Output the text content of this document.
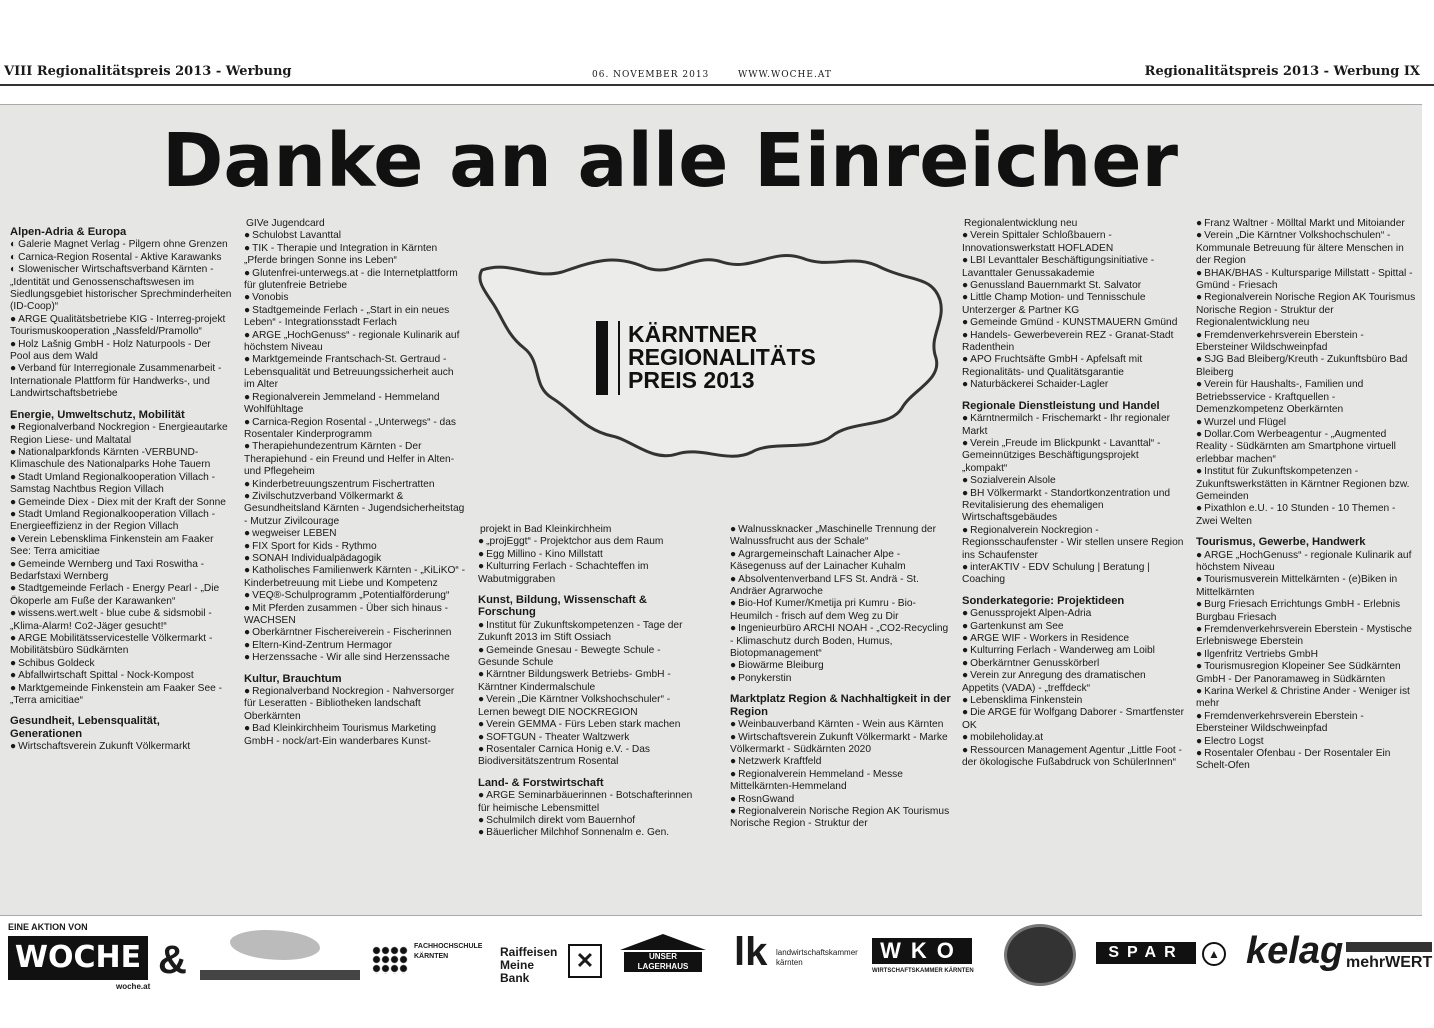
VIII Regionalitätspreis 2013 - Werbung	06. NOVEMBER 2013	WWW.WOCHE.AT	Regionalitätspreis 2013 - Werbung IX
Danke an alle Einreicher
KÄRNTNER
REGIONALITÄTS
PREIS 2013
Alpen-Adria & Europa
◐ Galerie Magnet Verlag - Pilgern ohne Grenzen
◐ Carnica-Region Rosental - Aktive Karawanks
◐ Slowenischer Wirtschaftsverband Kärnten - „Identität und Genossenschaftswesen im Siedlungsgebiet historischer Sprechminderheiten (ID-Coop)“
● ARGE Qualitätsbetriebe KIG - Interreg-projekt Tourismuskooperation „Nassfeld/Pramollo“
● Holz Lašnig GmbH - Holz Naturpools - Der Pool aus dem Wald
● Verband für Interregionale Zusammenarbeit - Internationale Plattform für Handwerks-, und Landwirtschaftsbetriebe
Energie, Umweltschutz, Mobilität
● Regionalverband Nockregion - Energieautarke Region Liese- und Maltatal
● Nationalparkfonds Kärnten -VERBUND-Klimaschule des Nationalparks Hohe Tauern
● Stadt Umland Regionalkooperation Villach - Samstag Nachtbus Region Villach
● Gemeinde Diex - Diex mit der Kraft der Sonne
● Stadt Umland Regionalkooperation Villach - Energieeffizienz in der Region Villach
● Verein Lebensklima Finkenstein am Faaker See: Terra amicitiae
● Gemeinde Wernberg und Taxi Roswitha - Bedarfstaxi Wernberg
● Stadtgemeinde Ferlach - Energy Pearl - „Die Ökoperle am Fuße der Karawanken“
● wissens.wert.welt - blue cube & sidsmobil - „Klima-Alarm! Co2-Jäger gesucht!“
● ARGE Mobilitätsservicestelle Völkermarkt - Mobilitätsbüro Südkärnten
● Schibus Goldeck
● Abfallwirtschaft Spittal - Nock-Kompost
● Marktgemeinde Finkenstein am Faaker See - „Terra amicitiae“
Gesundheit, Lebensqualität, Generationen
● Wirtschaftsverein Zukunft Völkermarkt
GIVe Jugendcard
● Schulobst Lavanttal
● TIK - Therapie und Integration in Kärnten „Pferde bringen Sonne ins Leben“
● Glutenfrei-unterwegs.at - die Internetplattform für glutenfreie Betriebe
● Vonobis
● Stadtgemeinde Ferlach - „Start in ein neues Leben“ - Integrationsstadt Ferlach
● ARGE „HochGenuss“ - regionale Kulinarik auf höchstem Niveau
● Marktgemeinde Frantschach-St. Gertraud - Lebensqualität und Betreuungssicherheit auch im Alter
● Regionalverein Jemmeland - Hemmeland Wohlfühltage
● Carnica-Region Rosental - „Unterwegs“ - das Rosentaler Kinderprogramm
● Therapiehundezentrum Kärnten - Der Therapiehund - ein Freund und Helfer in Alten- und Pflegeheim
● Kinderbetreuungszentrum Fischertratten
● Zivilschutzverband Völkermarkt & Gesundheitsland Kärnten - Jugendsicherheitstag - Mutzur Zivilcourage
● wegweiser LEBEN
● FIX Sport for Kids - Rythmo
● SONAH Individualpädagogik
● Katholisches Familienwerk Kärnten - „KiLiKO“ - Kinderbetreuung mit Liebe und Kompetenz
● VEQ®-Schulprogramm „Potentialförderung“
● Mit Pferden zusammen - Über sich hinaus - WACHSEN
● Oberkärntner Fischereiverein - Fischerinnen
● Eltern-Kind-Zentrum Hermagor
● Herzenssache - Wir alle sind Herzenssache
Kultur, Brauchtum
● Regionalverband Nockregion - Nahversorger für Leseratten - Bibliotheken landschaft Oberkärnten
● Bad Kleinkirchheim Tourismus Marketing GmbH - nock/art-Ein wanderbares Kunst-
projekt in Bad Kleinkirchheim
● „projEggt“ - Projektchor aus dem Raum
● Egg Millino - Kino Millstatt
● Kulturring Ferlach - Schachteffen im Wabutmiggraben
Kunst, Bildung, Wissenschaft & Forschung
● Institut für Zukunftskompetenzen - Tage der Zukunft 2013 im Stift Ossiach
● Gemeinde Gnesau - Bewegte Schule - Gesunde Schule
● Kärntner Bildungswerk Betriebs- GmbH - Kärntner Kindermalschule
● Verein „Die Kärntner Volkshochschuler“ - Lernen bewegt DIE NOCKREGION
● Verein GEMMA - Fürs Leben stark machen
● SOFTGUN - Theater Waltzwerk
● Rosentaler Carnica Honig e.V. - Das Biodiversitätszentrum Rosental
Land- & Forstwirtschaft
● ARGE Seminarbäuerinnen - Botschafterinnen für heimische Lebensmittel
● Schulmilch direkt vom Bauernhof
● Bäuerlicher Milchhof Sonnenalm e. Gen.
● Walnussknacker „Maschinelle Trennung der Walnussfrucht aus der Schale“
● Agrargemeinschaft Lainacher Alpe - Käsegenuss auf der Lainacher Kuhalm
● Absolventenverband LFS St. Andrä - St. Andräer Agrarwoche
● Bio-Hof Kumer/Kmetija pri Kumru - Bio-Heumilch - frisch auf dem Weg zu Dir
● Ingenieurbüro ARCHI NOAH - „CO2-Recycling - Klimaschutz durch Boden, Humus, Biotopmanagement“
● Biowärme Bleiburg
● Ponykerstin
Marktplatz Region & Nachhaltigkeit in der Region
● Weinbauverband Kärnten - Wein aus Kärnten
● Wirtschaftsverein Zukunft Völkermarkt - Marke Völkermarkt - Südkärnten 2020
● Netzwerk Kraftfeld
● Regionalverein Hemmeland - Messe Mittelkärnten-Hemmeland
● RosnGwand
● Regionalverein Norische Region AK Tourismus Norische Region - Struktur der
Regionalentwicklung neu
● Verein Spittaler Schloßbauern - Innovationswerkstatt HOFLADEN
● LBI Levanttaler Beschäftigungsinitiative - Lavanttaler Genussakademie
● Genussland Bauernmarkt St. Salvator
● Little Champ Motion- und Tennisschule Unterzerger & Partner KG
● Gemeinde Gmünd - KUNSTMAUERN Gmünd
● Handels- Gewerbeverein REZ - Granat-Stadt Radenthein
● APO Fruchtsäfte GmbH - Apfelsaft mit Regionalitäts- und Qualitätsgarantie
● Naturbäckerei Schaider-Lagler
Regionale Dienstleistung und Handel
● Kärntnermilch - Frischemarkt - Ihr regionaler Markt
● Verein „Freude im Blickpunkt - Lavanttal“ - Gemeinnütziges Beschäftigungsprojekt „kompakt“
● Sozialverein Alsole
● BH Völkermarkt - Standortkonzentration und Revitalisierung des ehemaligen Wirtschaftsgebäudes
● Regionalverein Nockregion - Regionsschaufenster - Wir stellen unsere Region ins Schaufenster
● interAKTIV - EDV Schulung | Beratung | Coaching
Sonderkategorie: Projektideen
● Genussprojekt Alpen-Adria
● Gartenkunst am See
● ARGE WIF - Workers in Residence
● Kulturring Ferlach - Wanderweg am Loibl
● Oberkärntner Genusskörberl
● Verein zur Anregung des dramatischen Appetits (VADA) - „treffdeck“
● Lebensklima Finkenstein
● Die ARGE für Wolfgang Daborer - Smartfenster OK
● mobileholiday.at
● Ressourcen Management Agentur „Little Foot - der ökologische Fußabdruck von SchülerInnen“
● Franz Waltner - Mölltal Markt und Mitoiander
● Verein „Die Kärntner Volkshochschulen“ - Kommunale Betreuung für ältere Menschen in der Region
● BHAK/BHAS - Kultursparige Millstatt - Spittal - Gmünd - Friesach
● Regionalverein Norische Region AK Tourismus Norische Region - Struktur der Regionalentwicklung neu
● Fremdenverkehrsverein Eberstein - Ebersteiner Wildschweinpfad
● SJG Bad Bleiberg/Kreuth - Zukunftsbüro Bad Bleiberg
● Verein für Haushalts-, Familien und Betriebsservice - Kraftquellen - Demenzkompetenz Oberkärnten
● Wurzel und Flügel
● Dollar.Com Werbeagentur - „Augmented Reality - Südkärnten am Smartphone virtuell erlebbar machen“
● Institut für Zukunftskompetenzen - Zukunftswerkstätten in Kärntner Regionen bzw. Gemeinden
● Pixathlon e.U. - 10 Stunden - 10 Themen - Zwei Welten
Tourismus, Gewerbe, Handwerk
● ARGE „HochGenuss“ - regionale Kulinarik auf höchstem Niveau
● Tourismusverein Mittelkärnten - (e)Biken in Mittelkärnten
● Burg Friesach Errichtungs GmbH - Erlebnis Burgbau Friesach
● Fremdenverkehrsverein Eberstein - Mystische Erlebniswege Eberstein
● Ilgenfritz Vertriebs GmbH
● Tourismusregion Klopeiner See Südkärnten GmbH - Der Panoramaweg in Südkärnten
● Karina Werkel & Christine Ander - Weniger ist mehr
● Fremdenverkehrsverein Eberstein - Ebersteiner Wildschweinpfad
● Electro Logst
● Rosentaler Ofenbau - Der Rosentaler Ein Schelt-Ofen
EINE AKTION VON
WOCHE
woche.at
&	FACHHOCHSCHULE KÄRNTEN	Raiffeisen Meine Bank
✕	UNSER LAGERHAUS	lk landwirtschaftskammer kärnten	WKO
WIRTSCHAFTSKAMMER KÄRNTEN
SPAR	▲ kelag mehrWERT
